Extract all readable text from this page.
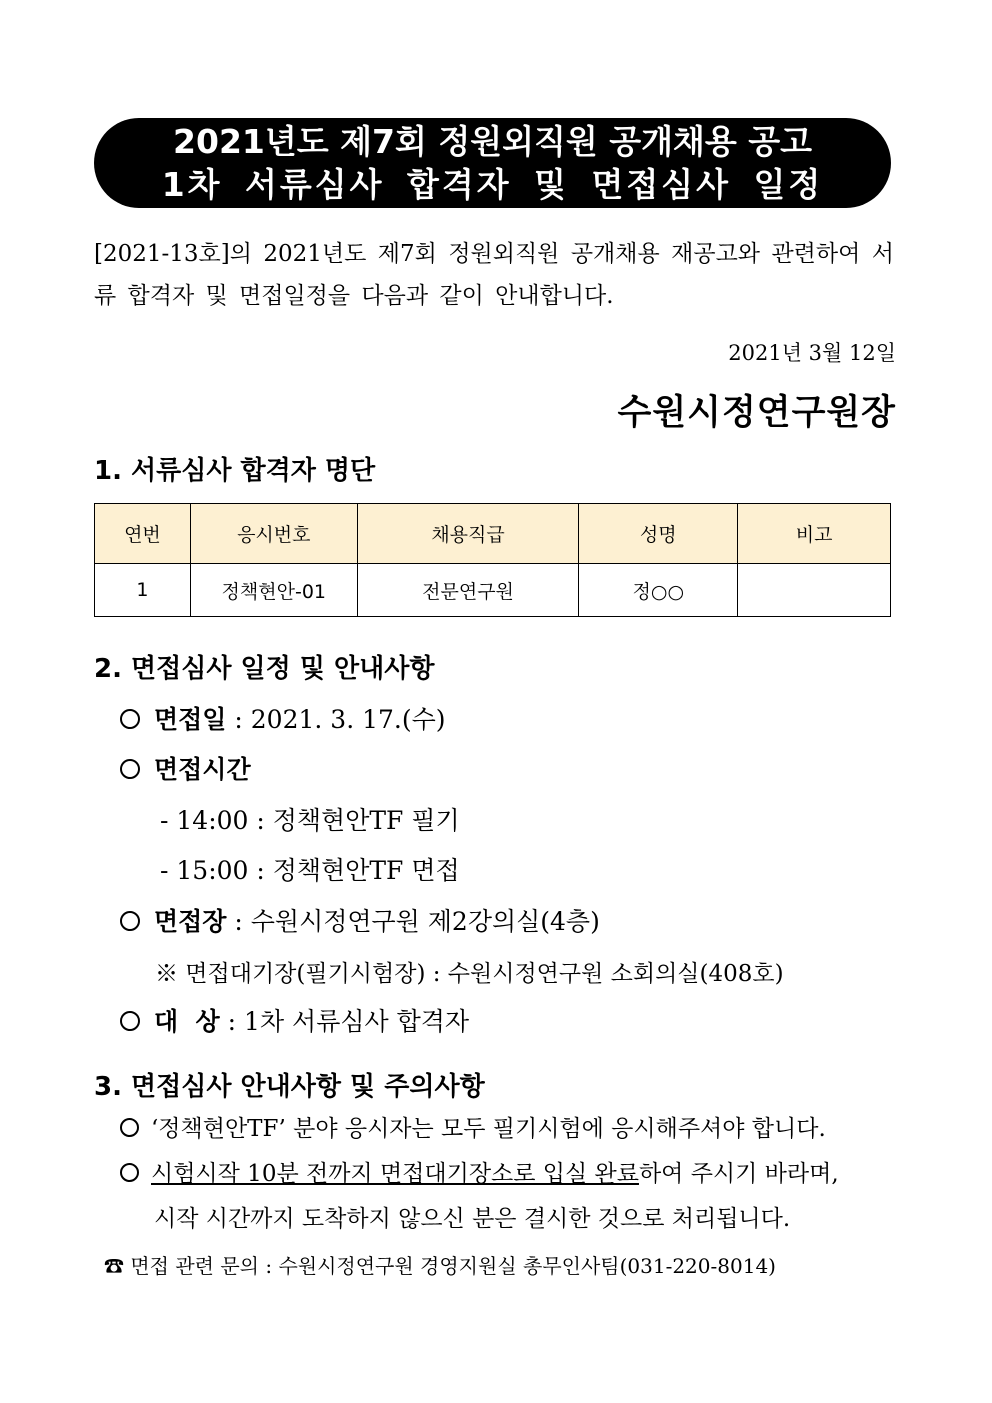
2021년도 제7회 정원외직원 공개채용 공고
1차 서류심사 합격자 및 면접심사 일정
[2021-13호]의 2021년도 제7회 정원외직원 공개채용 재공고와 관련하여 서류 합격자 및 면접일정을 다음과 같이 안내합니다.
2021년 3월 12일
수원시정연구원장
1. 서류심사 합격자 명단
연번	응시번호	채용직급	성명	비고
1	정책현안-01	전문연구원	정○○	
2. 면접심사 일정 및 안내사항
면접일 : 2021. 3. 17.(수)
면접시간
- 14:00 : 정책현안TF 필기
- 15:00 : 정책현안TF 면접
면접장 : 수원시정연구원 제2강의실(4층)
※ 면접대기장(필기시험장) : 수원시정연구원 소회의실(408호)
대  상 : 1차 서류심사 합격자
3. 면접심사 안내사항 및 주의사항
‘정책현안TF’ 분야 응시자는 모두 필기시험에 응시해주셔야 합니다.
시험시작 10분 전까지 면접대기장소로 입실 완료하여 주시기 바라며,
시작 시간까지 도착하지 않으신 분은 결시한 것으로 처리됩니다.
☎ 면접 관련 문의 : 수원시정연구원 경영지원실 총무인사팀(031-220-8014)
